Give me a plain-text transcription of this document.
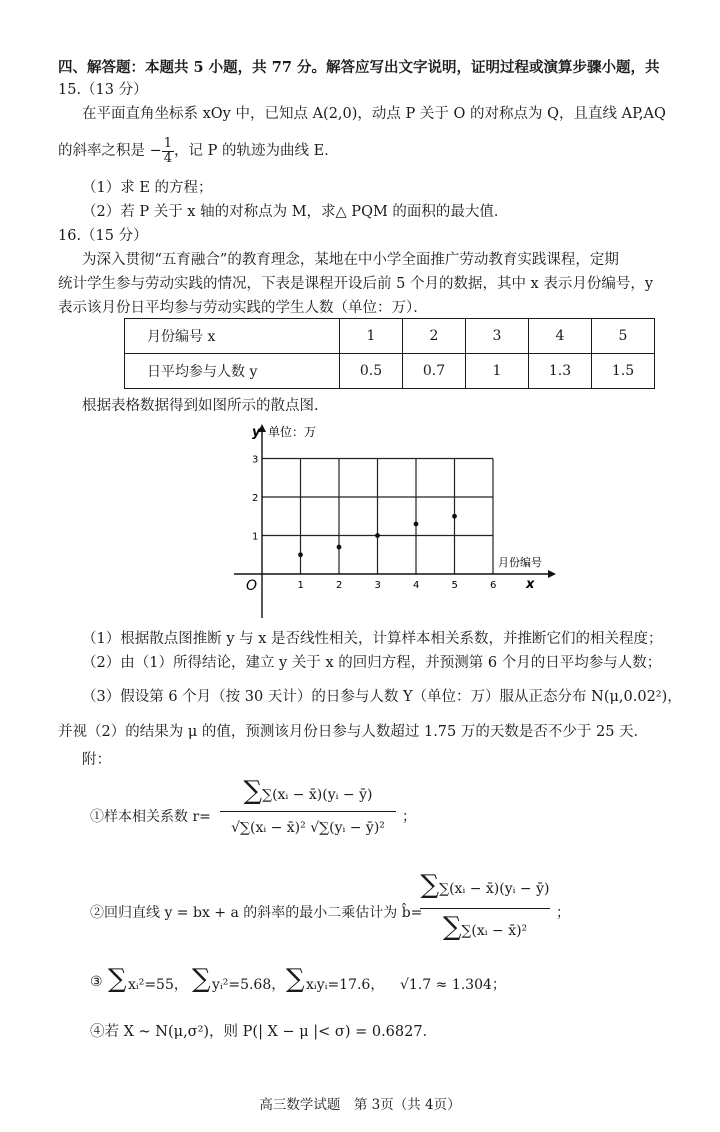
四、解答题：本题共 5 小题，共 77 分。解答应写出文字说明，证明过程或演算步骤小题，共
15.（13 分）
在平面直角坐标系 xOy 中，已知点 A(2,0)，动点 P 关于 O 的对称点为 Q，且直线 AP,AQ
的斜率之积是 − $\frac{1}{4}$ ，记 P 的轨迹为曲线 E．
（1）求 E 的方程；
（2）若 P 关于 x 轴的对称点为 M，求△ PQM 的面积的最大值．
16.（15 分）
为深入贯彻“五育融合”的教育理念，某地在中小学全面推广劳动教育实践课程，定期
统计学生参与劳动实践的情况，下表是课程开设后前 5 个月的数据，其中 x 表示月份编号，y
表示该月份日平均参与劳动实践的学生人数（单位：万）．
月份编号 x	1	2	3	4	5
日平均参与人数 y	0.5	0.7	1	1.3	1.5
根据表格数据得到如图所示的散点图.
1	2	3	4	5	6
1
2
3
y 单位：万
月份编号
x
O
（1）根据散点图推断 y 与 x 是否线性相关，计算样本相关系数，并推断它们的相关程度；
（2）由（1）所得结论，建立 y 关于 x 的回归方程，并预测第 6 个月的日平均参与人数；
（3）假设第 6 个月（按 30 天计）的日参与人数 Y（单位：万）服从正态分布 N(μ,0.02²)，
并视（2）的结果为 μ 的值，预测该月份日参与人数超过 1.75 万的天数是否不少于 25 天．
附：
①样本相关系数 r=
∑∑(xᵢ − x̄)(yᵢ − ȳ)
√∑(xᵢ − x̄)² √∑(yᵢ − ȳ)²
；
②回归直线 y = bx + a 的斜率的最小二乘估计为 b̂=
∑∑(xᵢ − x̄)(yᵢ − ȳ)
∑∑(xᵢ − x̄)²
；
③ ∑ xᵢ²=55， ∑ yᵢ²=5.68， ∑ xᵢyᵢ=17.6， √1.7 ≈ 1.304；
④若 X ~ N(μ,σ²)，则 P(| X − μ |< σ) = 0.6827．
高三数学试题　第 3页（共 4页）
